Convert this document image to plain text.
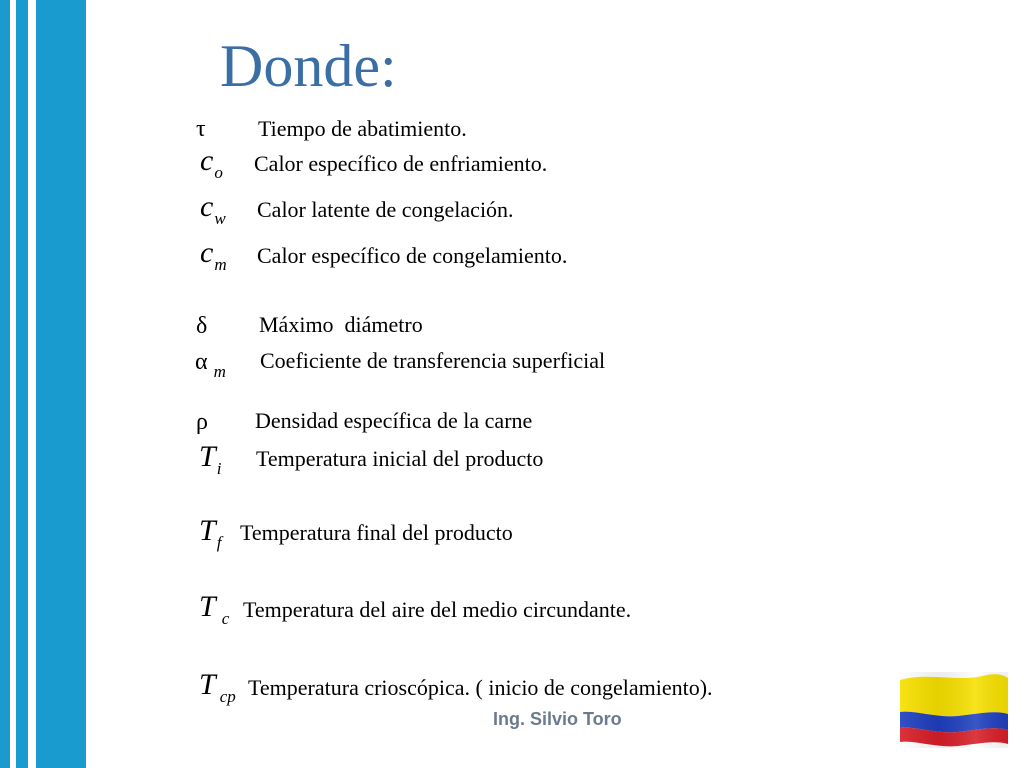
Donde:
τ Tiempo de abatimiento.
$c_o$ Calor específico de enfriamiento.
$c_w$ Calor latente de congelación.
$c_m$ Calor específico de congelamiento.
δ Máximo  diámetro
α $_m$ Coeficiente de transferencia superficial
ρ Densidad específica de la carne
$T_i$ Temperatura inicial del producto
$T_f$ Temperatura final del producto
T $_c$ Temperatura del aire del medio circundante.
T $_{cp}$ Temperatura crioscópica. ( inicio de congelamiento).
Ing. Silvio Toro
